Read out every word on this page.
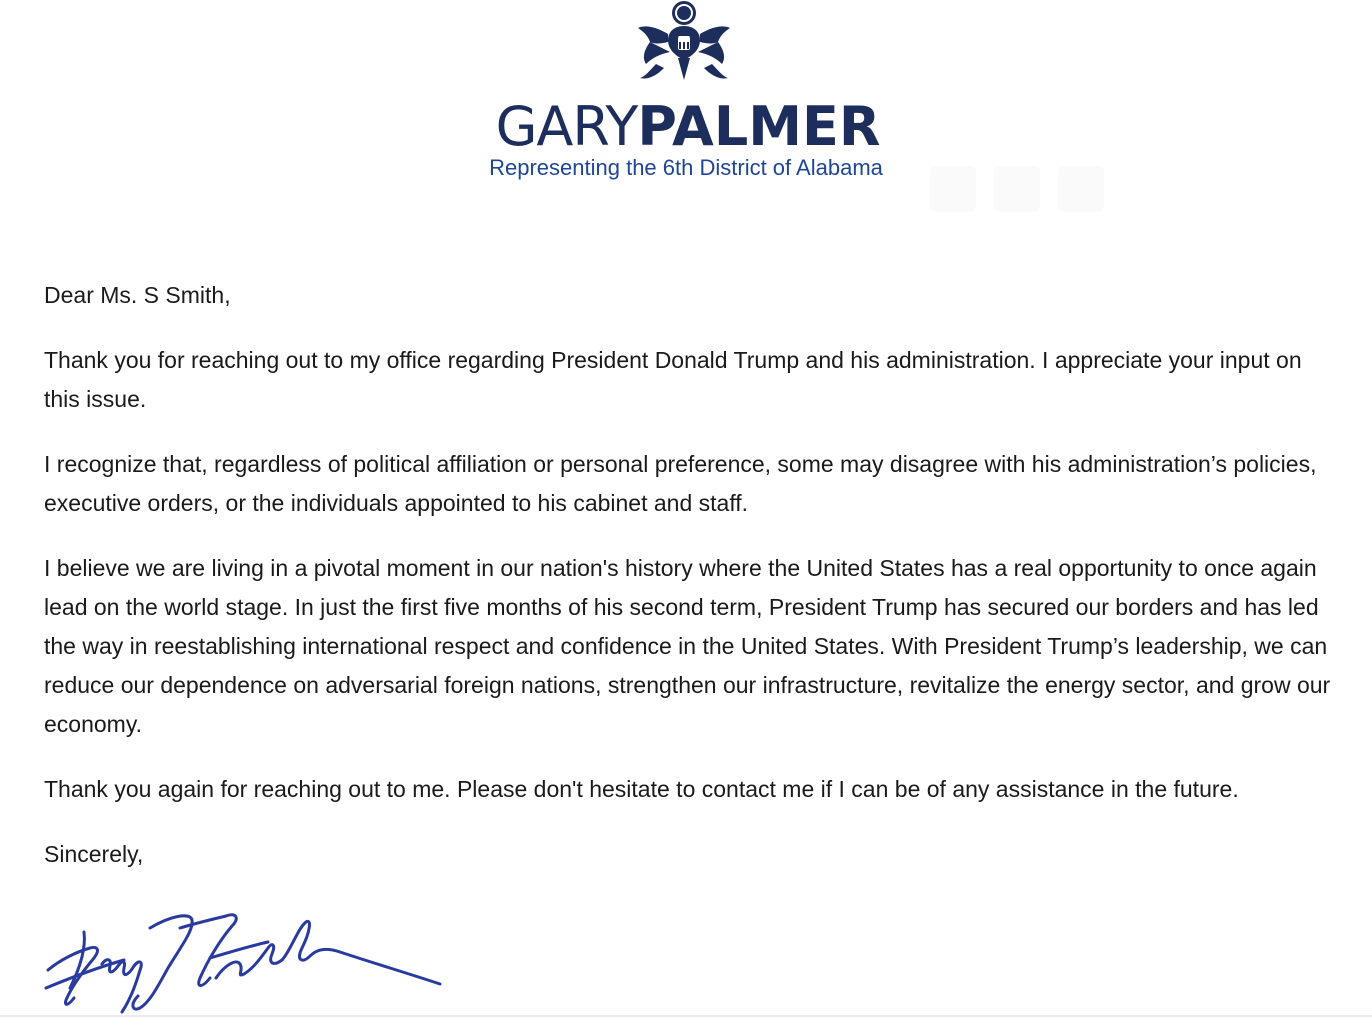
GARYPALMER
Representing the 6th District of Alabama

Dear Ms. S Smith,

Thank you for reaching out to my office regarding President Donald Trump and his administration. I appreciate your input on this issue.

I recognize that, regardless of political affiliation or personal preference, some may disagree with his administration’s policies, executive orders, or the individuals appointed to his cabinet and staff.

I believe we are living in a pivotal moment in our nation's history where the United States has a real opportunity to once again lead on the world stage. In just the first five months of his second term, President Trump has secured our borders and has led the way in reestablishing international respect and confidence in the United States. With President Trump’s leadership, we can reduce our dependence on adversarial foreign nations, strengthen our infrastructure, revitalize the energy sector, and grow our economy.

Thank you again for reaching out to me. Please don't hesitate to contact me if I can be of any assistance in the future.

Sincerely,
